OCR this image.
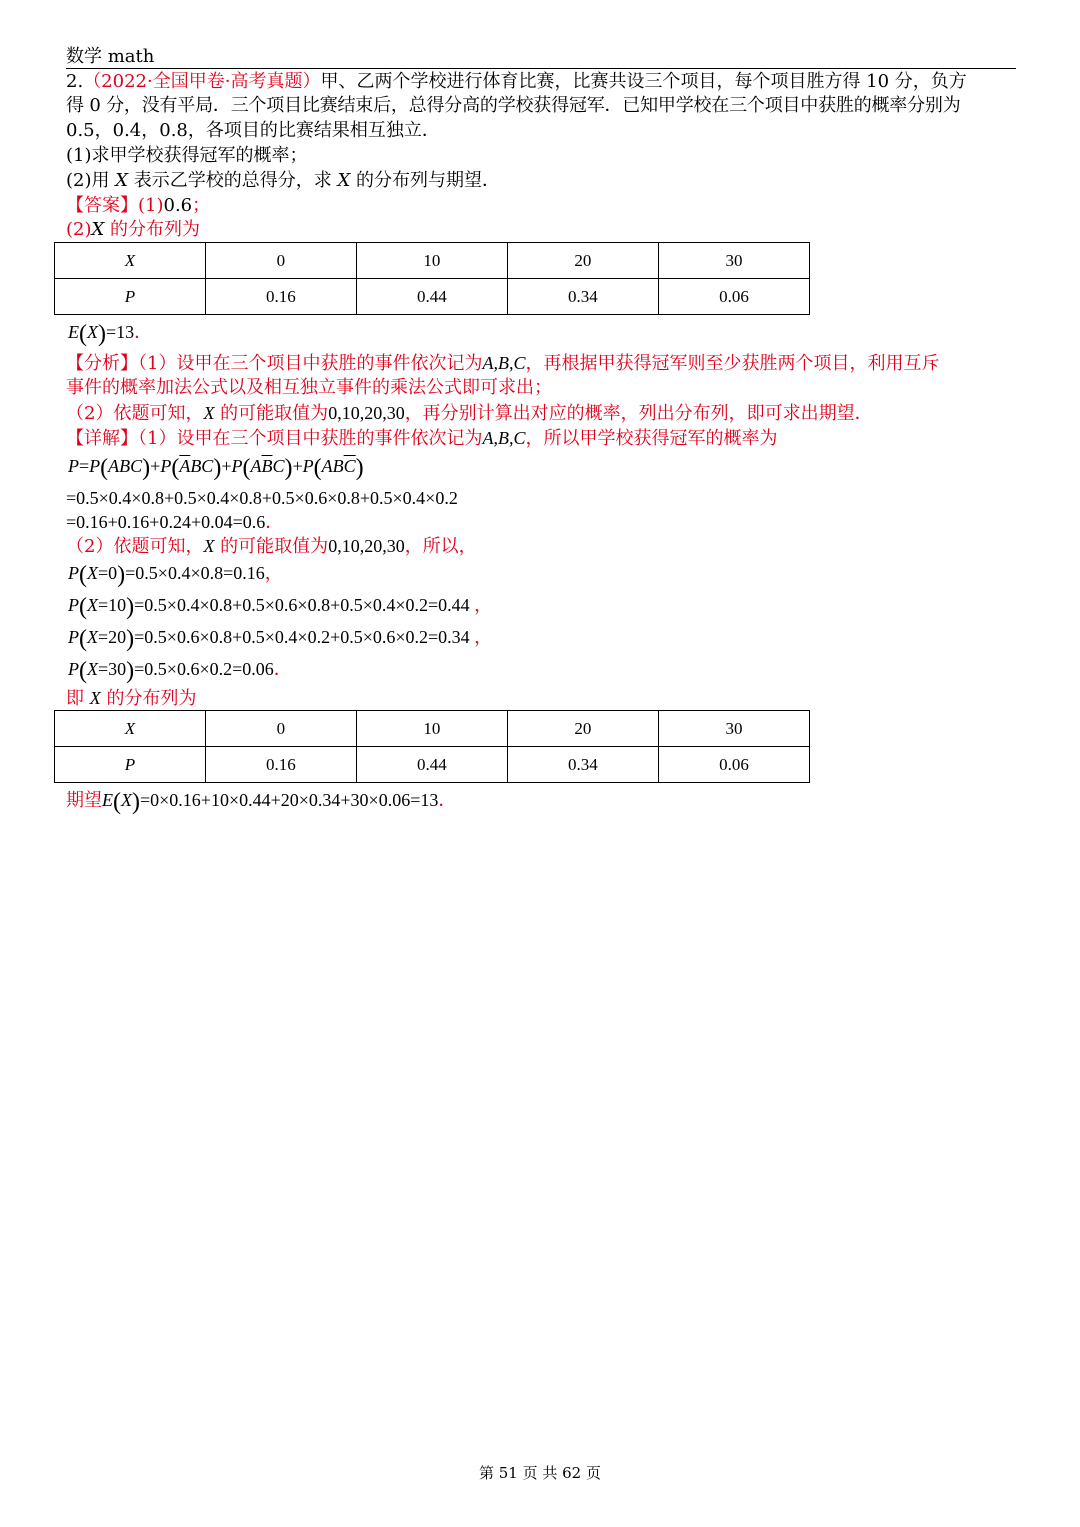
数学 math
2.（2022·全国甲卷·高考真题）甲、乙两个学校进行体育比赛，比赛共设三个项目，每个项目胜方得 10 分，负方
得 0 分，没有平局．三个项目比赛结束后，总得分高的学校获得冠军．已知甲学校在三个项目中获胜的概率分别为
0.5，0.4，0.8，各项目的比赛结果相互独立．
(1)求甲学校获得冠军的概率；
(2)用 X 表示乙学校的总得分，求 X 的分布列与期望．
【答案】(1)0.6；
(2)X 的分布列为
X	0	10	20	30
P	0.16	0.44	0.34	0.06
E(X)=13．
【分析】（1）设甲在三个项目中获胜的事件依次记为A,B,C，再根据甲获得冠军则至少获胜两个项目，利用互斥
事件的概率加法公式以及相互独立事件的乘法公式即可求出；
（2）依题可知，X 的可能取值为0,10,20,30，再分别计算出对应的概率，列出分布列，即可求出期望．
【详解】（1）设甲在三个项目中获胜的事件依次记为A,B,C，所以甲学校获得冠军的概率为
$P=P(ABC)+P(\overline{A}BC)+P(A\overline{B}C)+P(AB\overline{C})$
=0.5×0.4×0.8+0.5×0.4×0.8+0.5×0.6×0.8+0.5×0.4×0.2
=0.16+0.16+0.24+0.04=0.6．
（2）依题可知，X 的可能取值为0,10,20,30，所以，
P(X=0)=0.5×0.4×0.8=0.16，
P(X=10)=0.5×0.4×0.8+0.5×0.6×0.8+0.5×0.4×0.2=0.44 ，
P(X=20)=0.5×0.6×0.8+0.5×0.4×0.2+0.5×0.6×0.2=0.34 ，
P(X=30)=0.5×0.6×0.2=0.06．
即 X 的分布列为
X	0	10	20	30
P	0.16	0.44	0.34	0.06
期望E(X)=0×0.16+10×0.44+20×0.34+30×0.06=13．
第 51 页 共 62 页
